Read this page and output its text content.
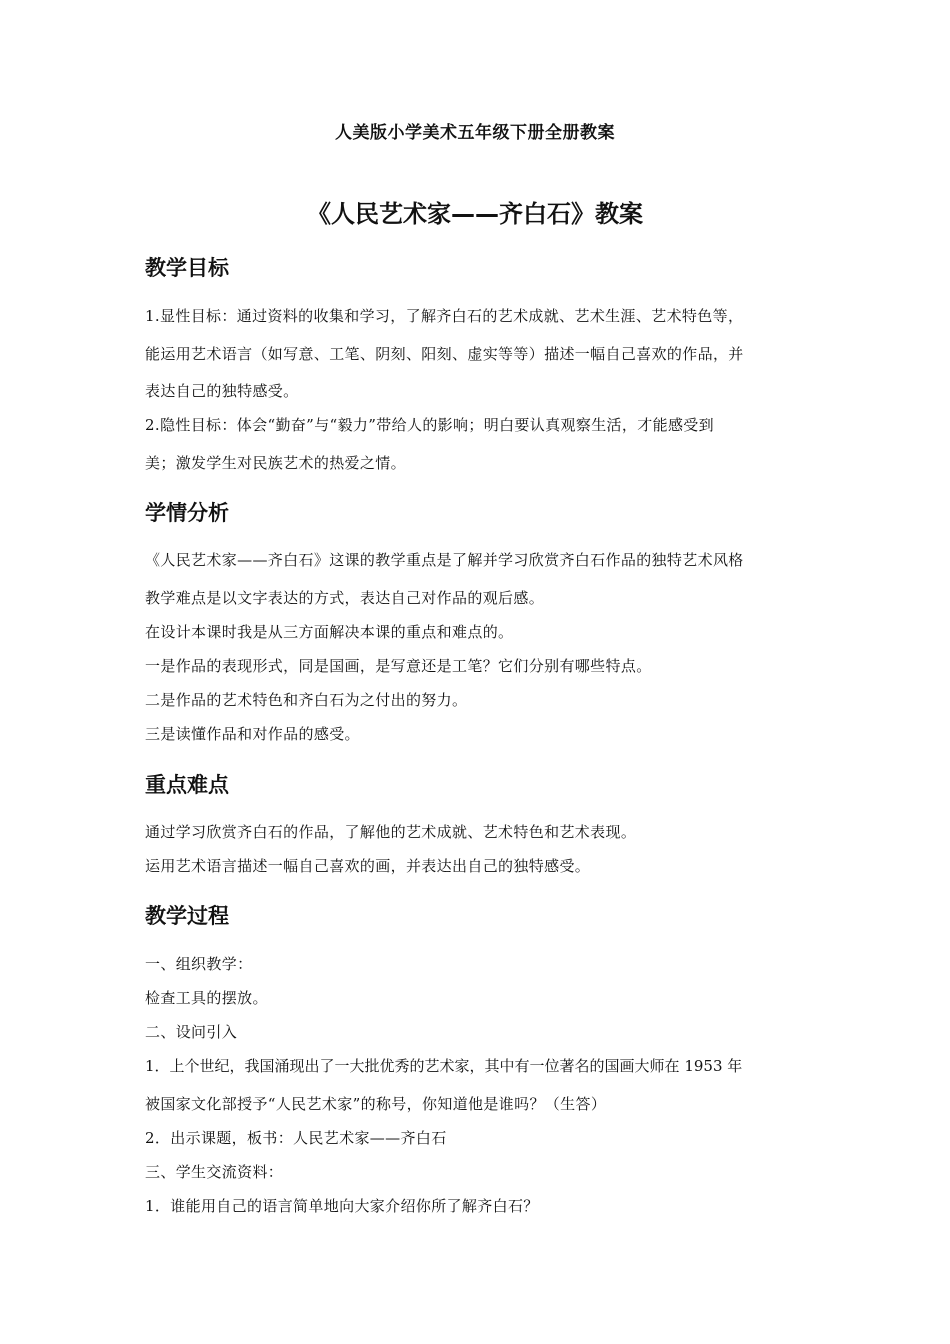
人美版小学美术五年级下册全册教案
《人民艺术家——齐白石》教案
教学目标
1.显性目标：通过资料的收集和学习，了解齐白石的艺术成就、艺术生涯、艺术特色等，
能运用艺术语言（如写意、工笔、阴刻、阳刻、虚实等等）描述一幅自己喜欢的作品，并
表达自己的独特感受。
2.隐性目标：体会“勤奋”与“毅力”带给人的影响；明白要认真观察生活，才能感受到
美；激发学生对民族艺术的热爱之情。
学情分析
《人民艺术家——齐白石》这课的教学重点是了解并学习欣赏齐白石作品的独特艺术风格
教学难点是以文字表达的方式，表达自己对作品的观后感。
在设计本课时我是从三方面解决本课的重点和难点的。
一是作品的表现形式，同是国画，是写意还是工笔？它们分别有哪些特点。
二是作品的艺术特色和齐白石为之付出的努力。
三是读懂作品和对作品的感受。
重点难点
通过学习欣赏齐白石的作品，了解他的艺术成就、艺术特色和艺术表现。
运用艺术语言描述一幅自己喜欢的画，并表达出自己的独特感受。
教学过程
一、组织教学：
检查工具的摆放。
二、设问引入
1．上个世纪，我国涌现出了一大批优秀的艺术家，其中有一位著名的国画大师在 1953 年
被国家文化部授予“人民艺术家”的称号，你知道他是谁吗？（生答）
2．出示课题，板书：人民艺术家——齐白石
三、学生交流资料：
1．谁能用自己的语言简单地向大家介绍你所了解齐白石？
